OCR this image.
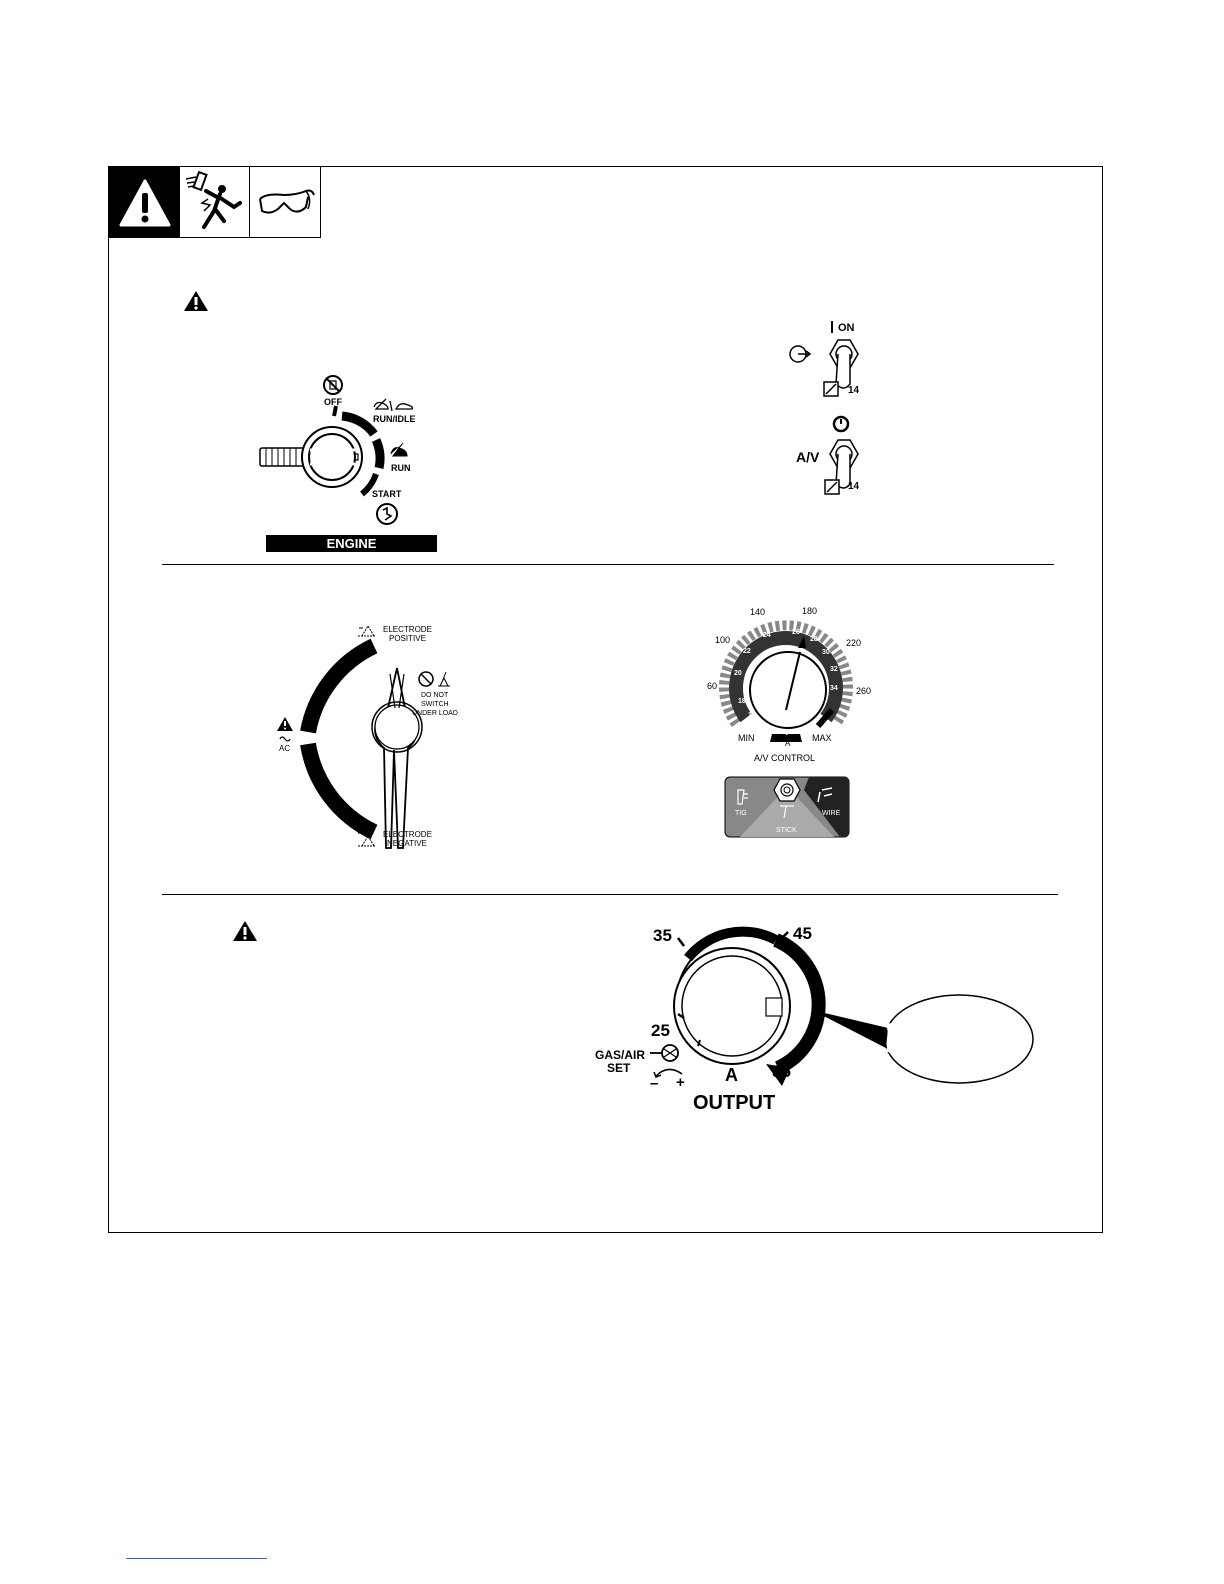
OFF
RUN/IDLE
RUN
START
ENGINE
ON
14
A/V
14
ELECTRODE
POSITIVE
DO NOT
SWITCH
UNDER LOAD
AC
ELECTRODE
NEGATIVE
60
100
140	180
220
260
16
18
20
22
24	26
28
30
32
34
MIN	MAX
V
A
A/V CONTROL
TIG
STICK
WIRE
35	45
25
55
GAS/AIR
SET
– + A
OUTPUT
